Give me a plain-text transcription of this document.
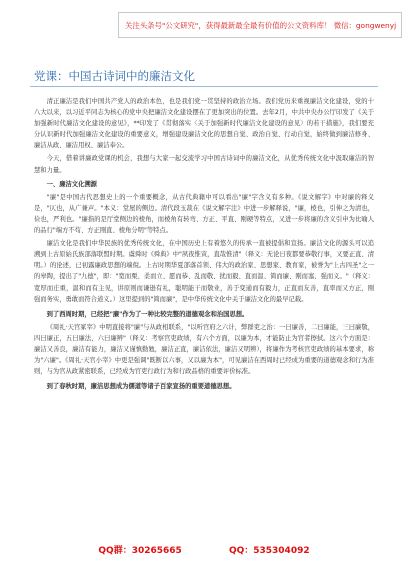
关注头条号"公文研究"，获得最新最全最有价值的公文资料库！ 微信：gongwenyj
党课：中国古诗词中的廉洁文化

清正廉洁是我们中国共产党人的政治本色，也是我们党一贯坚持的政治立场。我们党历来重视廉洁文化建设，党的十八大以来，以习近平同志为核心的党中央把廉洁文化建设摆在了更加突出的位置。去年2月，中共中央办公厅印发了《关于加强新时代廉洁文化建设的意见》，**印发了《贯彻落实〈关于加强新时代廉洁文化建设的意见〉的若干措施》，我们要充分认识新时代加强廉洁文化建设的重要意义，增强建设廉洁文化的思想自觉、政治自觉、行动自觉，始终做到廉洁修身、廉洁从政、廉洁用权、廉洁奉公。

今天，借着讲廉政党课的机会，我想与大家一起交流学习中国古诗词中的廉洁文化，从优秀传统文化中汲取廉洁的智慧和力量。

一、廉洁文化溯源

"廉"是中国古代思想史上的一个重要概念，从古代典籍中可以看出"廉"字含义有多种。《说文解字》中对廉的释义是，"仄也，从广兼声。"本义：堂屋的侧边。清代段玉裁在《说文解字注》中进一步解释说，"廉，棱也，引伸之为清也，俭也，严利也。"廉指的是厅堂侧边的棱角，而棱角有转弯、方正、平直、刚硬等特点，又进一步将廉的含义引申为比喻人的品行"端方不苟、方正刚直、棱角分明"等特点。

廉洁文化是我们中华民族的优秀传统文化，在中国历史上有着悠久的传承一直被提倡和宣扬。廉洁文化的源头可以追溯到上古原始氏族部落联盟时期。虞舜时《舜典》中"夙夜惟寅，直哉惟清"（释义：无论日夜都要恭敬行事，又要正直、清明。）的论述，已初露廉政思想的端倪。上古时期华夏部落首领、伟大的政治家、思想家、教育家，被誉为"上古四圣"之一的皋陶，提出了"九德"，即："宽而栗、柔而立、愿而恭、乱而敬、扰而毅、直而温、简而廉、刚而塞、强而义。"（释义：宽厚而庄重，温和而有主见，讲原则而谦逊有礼，聪明能干而敬业，善于变通而有毅力，正直而友善，直率而又方正，刚强而务实，勇敢而符合道义。）这里提到的"简而廉"，是中华传统文化中关于廉洁文化的最早记载。

到了西周时期，已经把"廉"作为了一种比较完整的道德观念和治国思想。

《周礼·天官冢宰》中明直接将"廉"与从政相联系，"以听官府之六计，弊群吏之治：一曰廉善，二曰廉能，三曰廉敬，四曰廉正，五曰廉法，六曰廉辨"（释义：考察官吏政绩，有六个方面，以廉为本，才能防止为官者擦拭。这六个方面是：廉洁又善良，廉洁有能力，廉洁又谨慎勤勉，廉洁正直，廉洁依法，廉洁又明辨），将廉作为考核官吏政绩的基本要求，称为"六廉"。《周礼·天官小宰》中更是强调"既断以六事，又以廉为本"，可见廉洁在西周时已经成为重要的道德观念和行为准则，与为官从政紧密联系，已经成为官吏行政行为和行政品格的重要评价标准。

到了春秋时期，廉洁思想成为儒道等诸子百家宣扬的重要道德思想。

QQ群：30265665	QQ：535304092
